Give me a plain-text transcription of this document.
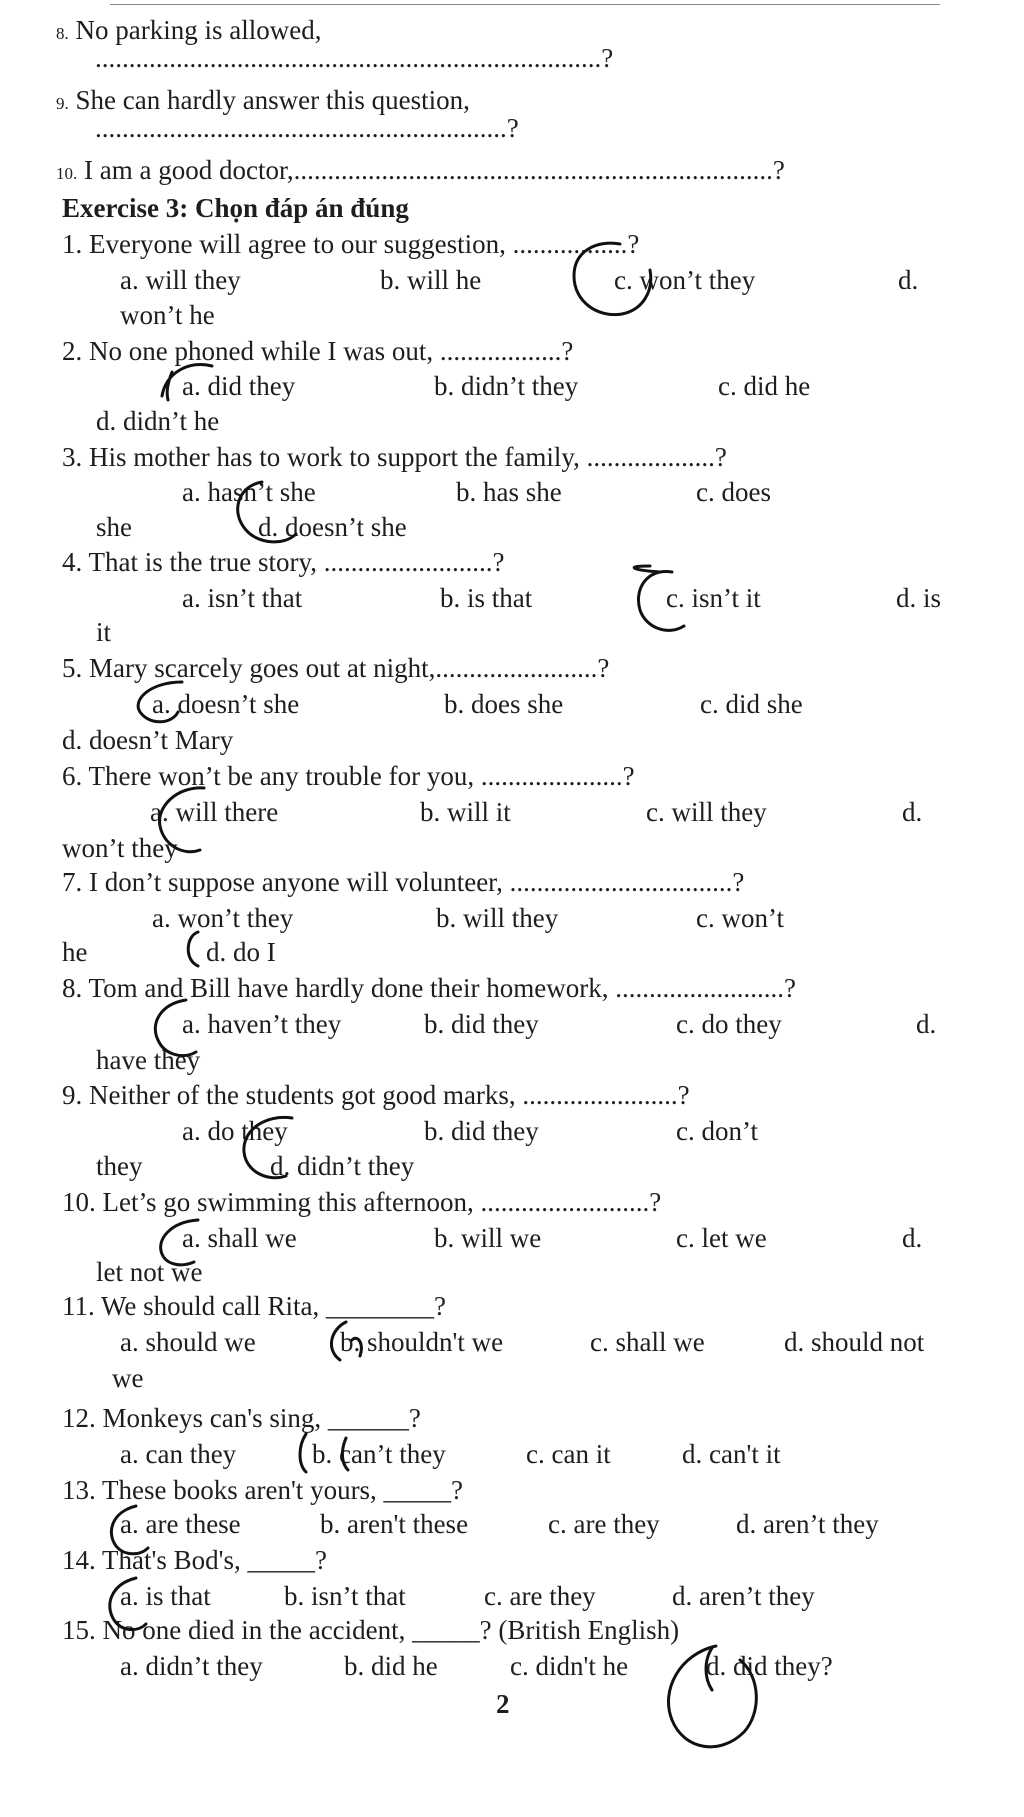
8. No parking is allowed,
...........................................................................?
9. She can hardly answer this question,
.............................................................?
10. I am a good doctor,.......................................................................?
Exercise 3: Chọn đáp án đúng
1. Everyone will agree to our suggestion, .................?
a. will they	b. will he	c. won’t they	d.
won’t he
2. No one phoned while I was out, ..................?
a. did they	b. didn’t they	c. did he
d. didn’t he
3. His mother has to work to support the family, ...................?
a. hasn’t she	b. has she	c. does
she	d. doesn’t she
4. That is the true story, .........................?
a. isn’t that	b. is that	c. isn’t it	d. is
it
5. Mary scarcely goes out at night,........................?
a. doesn’t she	b. does she	c. did she
d. doesn’t Mary
6. There won’t be any trouble for you, .....................?
a. will there	b. will it	c. will they	d.
won’t they
7. I don’t suppose anyone will volunteer, .................................?
a. won’t they	b. will they	c. won’t
he	d. do I
8. Tom and Bill have hardly done their homework, .........................?
a. haven’t they	b. did they	c. do they	d.
have they
9. Neither of the students got good marks, .......................?
a. do they	b. did they	c. don’t
they	d. didn’t they
10. Let’s go swimming this afternoon, .........................?
a. shall we	b. will we	c. let we	d.
let not we
11. We should call Rita, ________?
a. should we	b. shouldn't we	c. shall we	d. should not
we
12. Monkeys can's sing, ______?
a. can they	b. can’t they	c. can it	d. can't it
13. These books aren't yours, _____?
a. are these	b. aren't these	c. are they	d. aren’t they
14. That's Bod's, _____?
a. is that	b. isn’t that	c. are they	d. aren’t they
15. No one died in the accident, _____? (British English)
a. didn’t they	b. did he	c. didn't he	d. did they?
2
